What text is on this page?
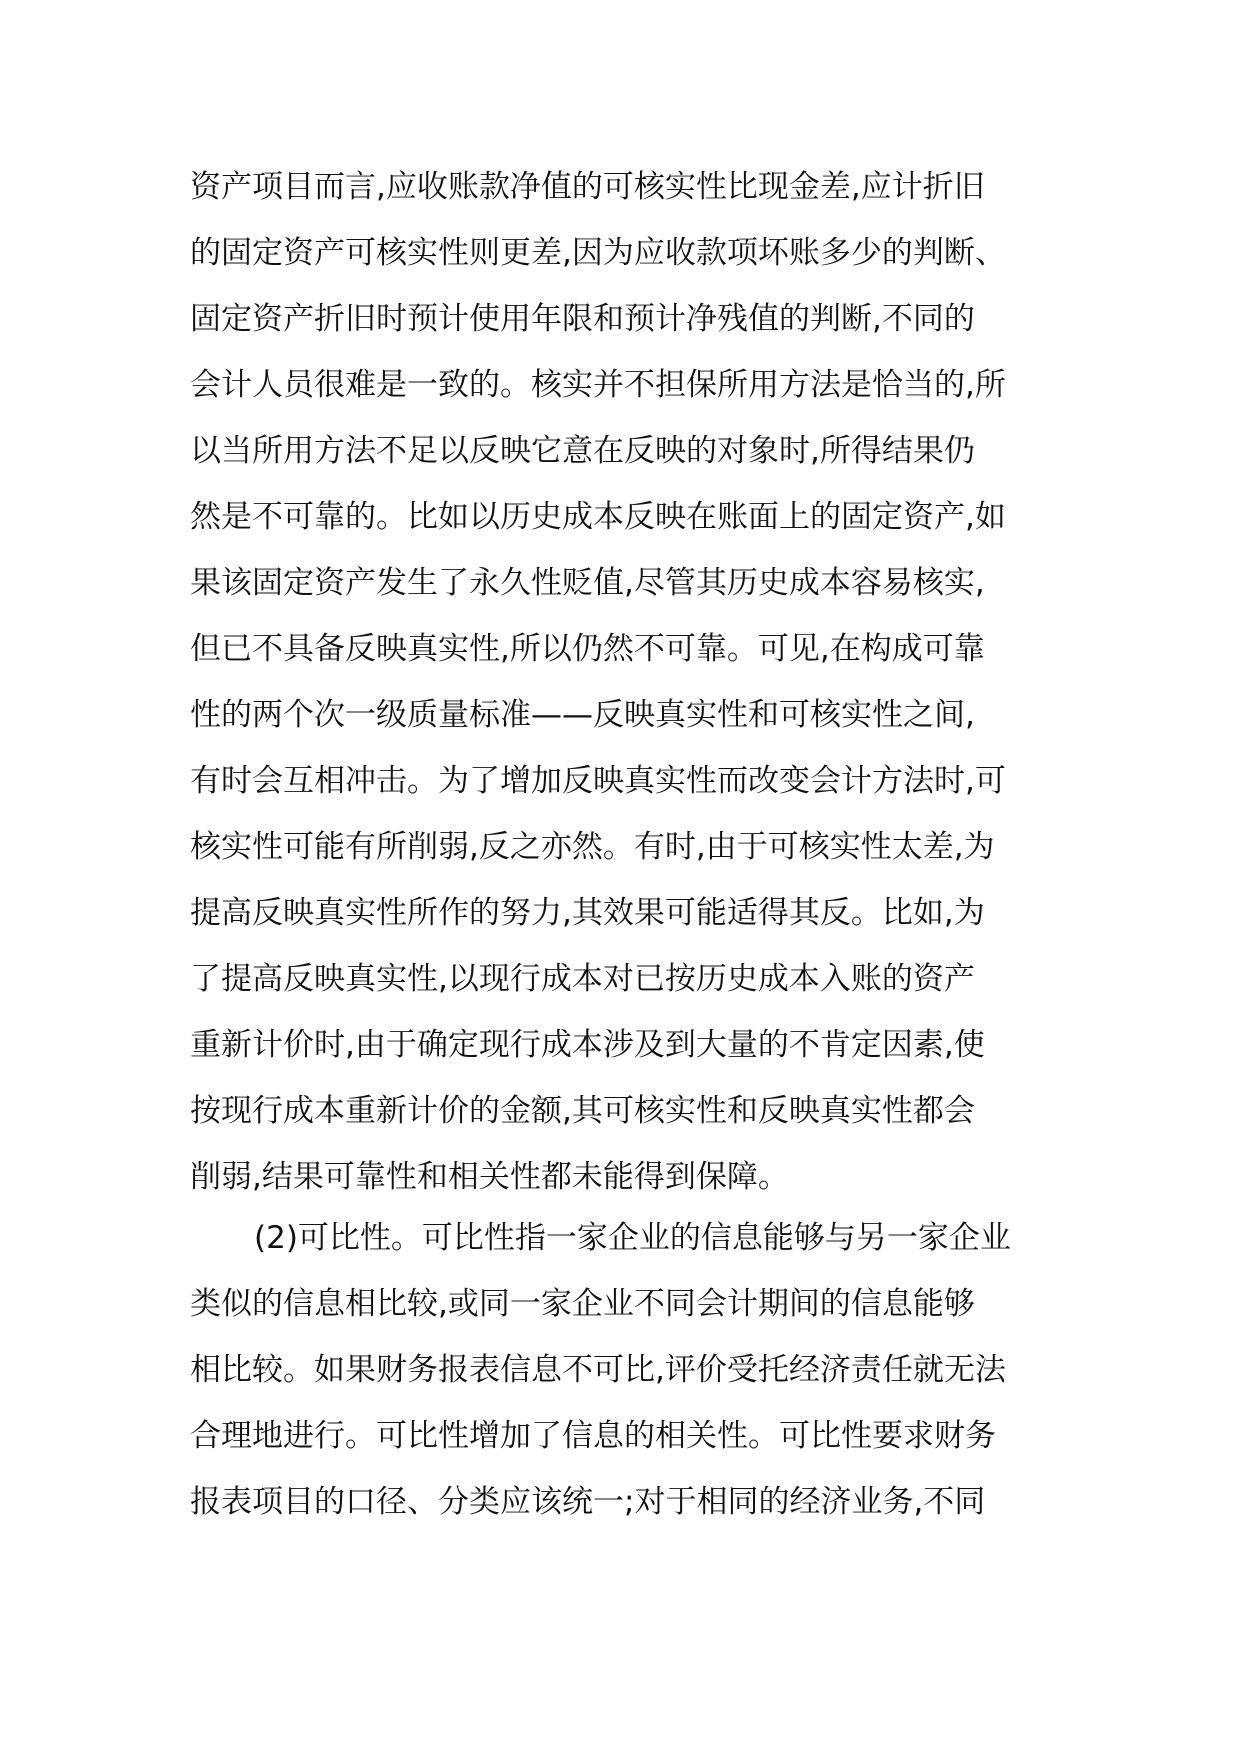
资产项目而言,应收账款净值的可核实性比现金差,应计折旧
的固定资产可核实性则更差,因为应收款项坏账多少的判断、
固定资产折旧时预计使用年限和预计净残值的判断,不同的
会计人员很难是一致的。核实并不担保所用方法是恰当的,所
以当所用方法不足以反映它意在反映的对象时,所得结果仍
然是不可靠的。比如以历史成本反映在账面上的固定资产,如
果该固定资产发生了永久性贬值,尽管其历史成本容易核实,
但已不具备反映真实性,所以仍然不可靠。可见,在构成可靠
性的两个次一级质量标准——反映真实性和可核实性之间,
有时会互相冲击。为了增加反映真实性而改变会计方法时,可
核实性可能有所削弱,反之亦然。有时,由于可核实性太差,为
提高反映真实性所作的努力,其效果可能适得其反。比如,为
了提高反映真实性,以现行成本对已按历史成本入账的资产
重新计价时,由于确定现行成本涉及到大量的不肯定因素,使
按现行成本重新计价的金额,其可核实性和反映真实性都会
削弱,结果可靠性和相关性都未能得到保障。

(2)可比性。可比性指一家企业的信息能够与另一家企业
类似的信息相比较,或同一家企业不同会计期间的信息能够
相比较。如果财务报表信息不可比,评价受托经济责任就无法
合理地进行。可比性增加了信息的相关性。可比性要求财务
报表项目的口径、分类应该统一;对于相同的经济业务,不同
